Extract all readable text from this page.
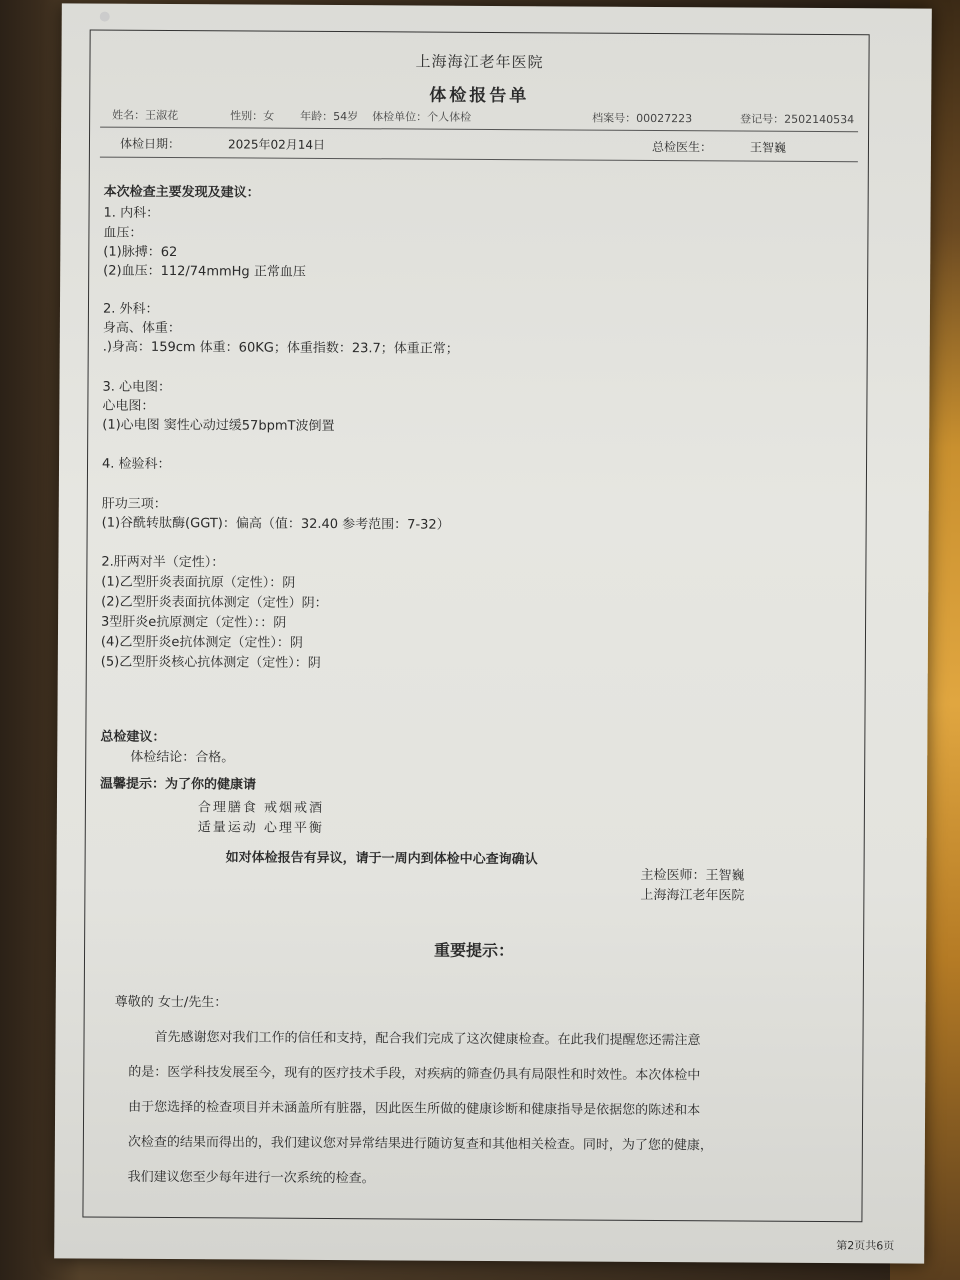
上海海江老年医院
体检报告单
姓名：王淑花	性别：女 年龄：54岁 体检单位：个人体检	档案号：00027223	登记号：2502140534
体检日期：	2025年02月14日	总检医生：	王智巍
本次检查主要发现及建议：
1. 内科：
血压：
(1)脉搏：62
(2)血压：112/74mmHg 正常血压
2. 外科：
身高、体重：
.)身高：159cm 体重：60KG；体重指数：23.7；体重正常；
3. 心电图：
心电图：
(1)心电图 窦性心动过缓57bpmT波倒置
4. 检验科：
肝功三项：
(1)谷酰转肽酶(GGT)：偏高（值：32.40 参考范围：7-32）
2.肝两对半（定性）：
(1)乙型肝炎表面抗原（定性）：阴
(2)乙型肝炎表面抗体测定（定性）阴：
3型肝炎e抗原测定（定性）：：阴
(4)乙型肝炎e抗体测定（定性）：阴
(5)乙型肝炎核心抗体测定（定性）：阴
总检建议：
体检结论：合格。
温馨提示：为了你的健康请
合理膳食 戒烟戒酒
适量运动 心理平衡
如对体检报告有异议，请于一周内到体检中心查询确认
主检医师：王智巍
上海海江老年医院
重要提示：
尊敬的 女士/先生：
首先感谢您对我们工作的信任和支持，配合我们完成了这次健康检查。在此我们提醒您还需注意
的是：医学科技发展至今，现有的医疗技术手段，对疾病的筛查仍具有局限性和时效性。本次体检中
由于您选择的检查项目并未涵盖所有脏器，因此医生所做的健康诊断和健康指导是依据您的陈述和本
次检查的结果而得出的，我们建议您对异常结果进行随访复查和其他相关检查。同时，为了您的健康，
我们建议您至少每年进行一次系统的检查。
第2页共6页
